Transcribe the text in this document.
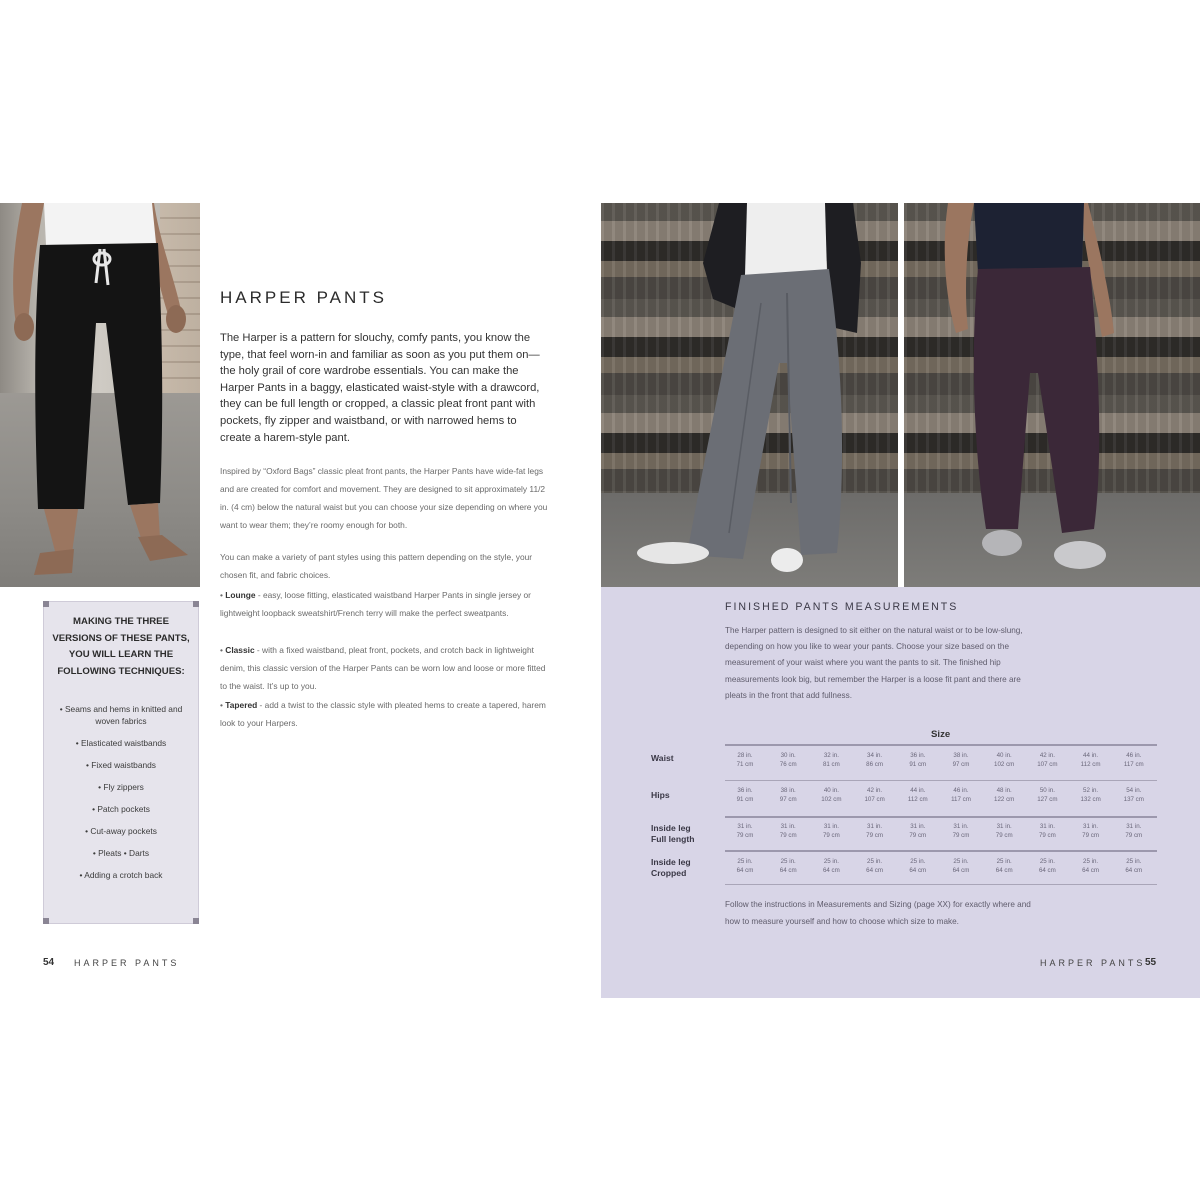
HARPER PANTS
The Harper is a pattern for slouchy, comfy pants, you know the type, that feel worn-in and familiar as soon as you put them on—the holy grail of core wardrobe essentials. You can make the Harper Pants in a baggy, elasticated waist-style with a drawcord, they can be full length or cropped, a classic pleat front pant with pockets, fly zipper and waistband, or with narrowed hems to create a harem-style pant.
Inspired by “Oxford Bags” classic pleat front pants, the Harper Pants have wide-fat legs and are created for comfort and movement. They are designed to sit approximately 11/2 in. (4 cm) below the natural waist but you can choose your size depending on where you want to wear them; they’re roomy enough for both.
You can make a variety of pant styles using this pattern depending on the style, your chosen fit, and fabric choices.
• Lounge - easy, loose fitting, elasticated waistband Harper Pants in single jersey or lightweight loopback sweatshirt/French terry will make the perfect sweatpants.
• Classic - with a fixed waistband, pleat front, pockets, and crotch back in lightweight denim, this classic version of the Harper Pants can be worn low and loose or more fitted to the waist. It’s up to you.
• Tapered - add a twist to the classic style with pleated hems to create a tapered, harem look to your Harpers.
MAKING THE THREE VERSIONS OF THESE PANTS, YOU WILL LEARN THE FOLLOWING TECHNIQUES:
• Seams and hems in knitted and woven fabrics
• Elasticated waistbands
• Fixed waistbands
• Fly zippers
• Patch pockets
• Cut-away pockets
• Pleats • Darts
• Adding a crotch back
54 HARPER PANTS
FINISHED PANTS MEASUREMENTS
The Harper pattern is designed to sit either on the natural waist or to be low-slung, depending on how you like to wear your pants. Choose your size based on the measurement of your waist where you want the pants to sit. The finished hip measurements look big, but remember the Harper is a loose fit pant and there are pleats in the front that add fullness.
Size
Waist	28 in.
71 cm
30 in.
76 cm
32 in.
81 cm
34 in.
86 cm
36 in.
91 cm
38 in.
97 cm
40 in.
102 cm
42 in.
107 cm
44 in.
112 cm
46 in.
117 cm
Hips	36 in.
91 cm
38 in.
97 cm
40 in.
102 cm
42 in.
107 cm
44 in.
112 cm
46 in.
117 cm
48 in.
122 cm
50 in.
127 cm
52 in.
132 cm
54 in.
137 cm
Inside leg
Full length
31 in.
79 cm
31 in.
79 cm
31 in.
79 cm
31 in.
79 cm
31 in.
79 cm
31 in.
79 cm
31 in.
79 cm
31 in.
79 cm
31 in.
79 cm
31 in.
79 cm
Inside leg
Cropped
25 in.
64 cm
25 in.
64 cm
25 in.
64 cm
25 in.
64 cm
25 in.
64 cm
25 in.
64 cm
25 in.
64 cm
25 in.
64 cm
25 in.
64 cm
25 in.
64 cm
Follow the instructions in Measurements and Sizing (page XX) for exactly where and how to measure yourself and how to choose which size to make.
HARPER PANTS 55
